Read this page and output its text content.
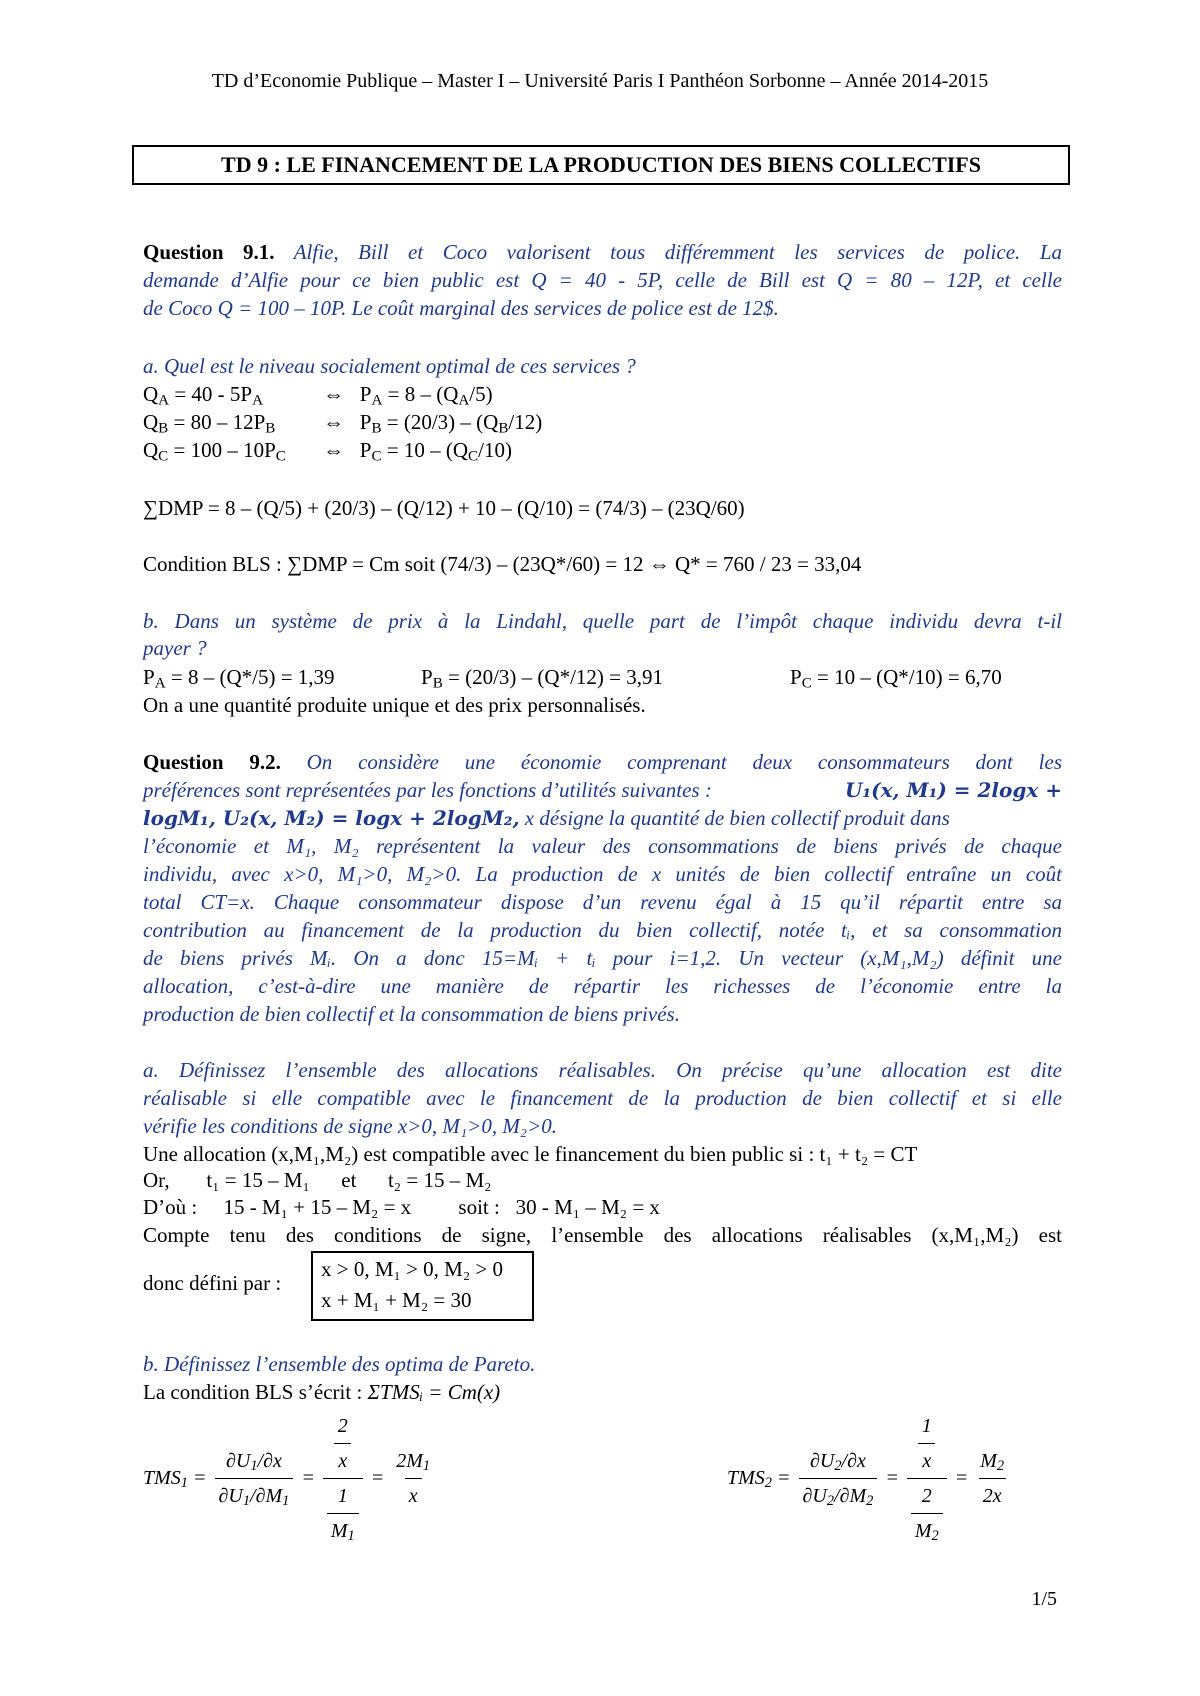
TD d’Economie Publique – Master I – Université Paris I Panthéon Sorbonne – Année 2014-2015
TD 9 : LE FINANCEMENT DE LA PRODUCTION DES BIENS COLLECTIFS
Question 9.1. Alfie, Bill et Coco valorisent tous différemment les services de police. La
demande d’Alfie pour ce bien public est Q = 40 - 5P, celle de Bill est Q = 80 – 12P, et celle
de Coco Q = 100 – 10P. Le coût marginal des services de police est de 12$.
a. Quel est le niveau socialement optimal de ces services ?
$Q_A = 40 - 5P_A$	⇔   $P_A = 8 - (Q_A/5)$
$Q_B = 80 - 12P_B$ ⇔   $P_B = (20/3) - (Q_B/12)$
$Q_C = 100 - 10P_C$ ⇔   $P_C = 10 - (Q_C/10)$
∑DMP = 8 – (Q/5) + (20/3) – (Q/12) + 10 – (Q/10) = (74/3) – (23Q/60)
Condition BLS : ∑DMP = Cm soit (74/3) – (23Q*/60) = 12 ⇔ Q* = 760 / 23 = 33,04
b. Dans un système de prix à la Lindahl, quelle part de l’impôt chaque individu devra t-il
payer ?
$P_A = 8 - (Q*/5) = 1,39$	$P_B = (20/3) - (Q*/12) = 3,91$	$P_C = 10 - (Q*/10) = 6,70$
On a une quantité produite unique et des prix personnalisés.
Question 9.2. On considère une économie comprenant deux consommateurs dont les
préférences sont représentées par les fonctions d’utilités suivantes :	U₁(x, M₁) = 2logx +
logM₁, U₂(x, M₂) = logx + 2logM₂, x désigne la quantité de bien collectif produit dans
l’économie et M₁, M₂ représentent la valeur des consommations de biens privés de chaque
individu, avec x>0, M₁>0, M₂>0. La production de x unités de bien collectif entraîne un coût
total CT=x. Chaque consommateur dispose d’un revenu égal à 15 qu’il répartit entre sa
contribution au financement de la production du bien collectif, notée tᵢ, et sa consommation
de biens privés Mᵢ. On a donc 15=Mᵢ + tᵢ pour i=1,2. Un vecteur (x,M₁,M₂) définit une
allocation, c’est-à-dire une manière de répartir les richesses de l’économie entre la
production de bien collectif et la consommation de biens privés.
a. Définissez l’ensemble des allocations réalisables. On précise qu’une allocation est dite
réalisable si elle compatible avec le financement de la production de bien collectif et si elle
vérifie les conditions de signe x>0, M₁>0, M₂>0.
Une allocation (x,M₁,M₂) est compatible avec le financement du bien public si : t₁ + t₂ = CT
Or,       t₁ = 15 – M₁      et      t₂ = 15 – M₂
D’où :     15 - M₁ + 15 – M₂ = x         soit :   30 - M₁ – M₂ = x
Compte tenu des conditions de signe, l’ensemble des allocations réalisables (x,M₁,M₂) est
donc défini par :
x > 0, M₁ > 0, M₂ > 0
x + M₁ + M₂ = 30
b. Définissez l’ensemble des optima de Pareto.
La condition BLS s’écrit : ΣTMSᵢ = Cm(x)
$TMS_1 = \frac{\partial U_1/\partial x}{\partial U_1/\partial M_1} = \frac{\frac{2}{x}}{\frac{1}{M_1}} = \frac{2M_1}{x}$	$TMS_2 = \frac{\partial U_2/\partial x}{\partial U_2/\partial M_2} = \frac{\frac{1}{x}}{\frac{2}{M_2}} = \frac{M_2}{2x}$
1/5
